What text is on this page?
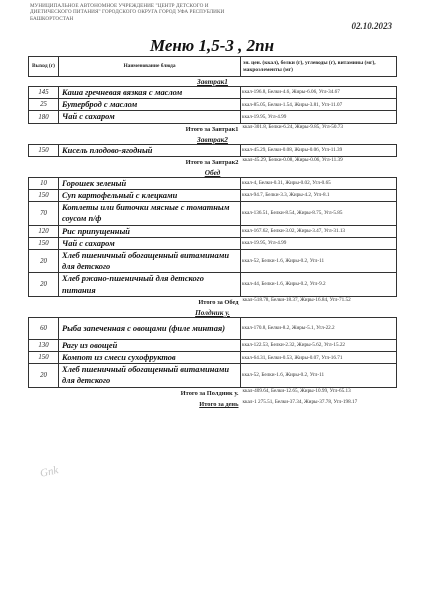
МУНИЦИПАЛЬНОЕ АВТОНОМНОЕ УЧРЕЖДЕНИЕ "ЦЕНТР ДЕТСКОГО И
ДИЕТИЧЕСКОГО ПИТАНИЯ" ГОРОДСКОГО ОКРУГА ГОРОД УФА РЕСПУБЛИКИ
БАШКОРТОСТАН
02.10.2023
Меню 1,5-3 , 2пн
Выход (г)	Наименование блюда	эн. цен. (ккал), белки (г), углеводы (г), витамины (мг), макроэлементы (мг)
Завтрак1		
145	Каша гречневая вязкая с маслом	ккал-196.8, Белки-4.6, Жиры-6.06, Угл-34.67
25	Бутерброд с маслом	ккал-85.05, Белки-1.54, Жиры-3.81, Угл-11.07
180	Чай с сахаром	ккал-19.95, Угл-4.99
Итого за Завтрак1		ккал-301.8, Белки-6.24, Жиры-9.85, Угл-50.73
Завтрак2		
150	Кисель плодово-ягодный	ккал-45.29, Белки-0.08, Жиры-0.06, Угл-11.39
Итого за Завтрак2		ккал-45.29, Белки-0.08, Жиры-0.06, Угл-11.39
Обед		
10	Горошек зеленый	ккал-4, Белки-0.31, Жиры-0.02, Угл-0.65
150	Суп картофельный с клецками	ккал-94.7, Белки-3.3, Жиры-4.2, Угл-8.1
70	Котлеты или биточки мясные с томатным соусом п/ф	ккал-136.51, Белки-8.54, Жиры-8.75, Угл-5.85
120	Рис припущенный	ккал-167.62, Белки-3.02, Жиры-3.47, Угл-31.13
150	Чай с сахаром	ккал-19.95, Угл-4.99
20	Хлеб пшеничный обогащенный витаминами для детского	ккал-52, Белки-1.6, Жиры-0.2, Угл-11
20	Хлеб ржано-пшеничный для детского питания	ккал-44, Белки-1.6, Жиры-0.2, Угл-9.2
Итого за Обед		ккал-518.78, Белки-18.37, Жиры-16.84, Угл-71.52
Полдник у.		
60	Рыба запеченная с овощами (филе минтая)	ккал-170.8, Белки-8.2, Жиры-5.1, Угл-22.2
130	Рагу из овощей	ккал-122.53, Белки-2.32, Жиры-5.62, Угл-15.22
150	Компот из смеси сухофруктов	ккал-64.31, Белки-0.53, Жиры-0.07, Угл-16.71
20	Хлеб пшеничный обогащенный витаминами для детского	ккал-52, Белки-1.6, Жиры-0.2, Угл-11
Итого за Полдник у.		ккал-409.64, Белки-12.65, Жиры-10.99, Угл-65.13
Итого за день		ккал-1 275.51, Белки-37.34, Жиры-37.78, Угл-198.17
Gnk
